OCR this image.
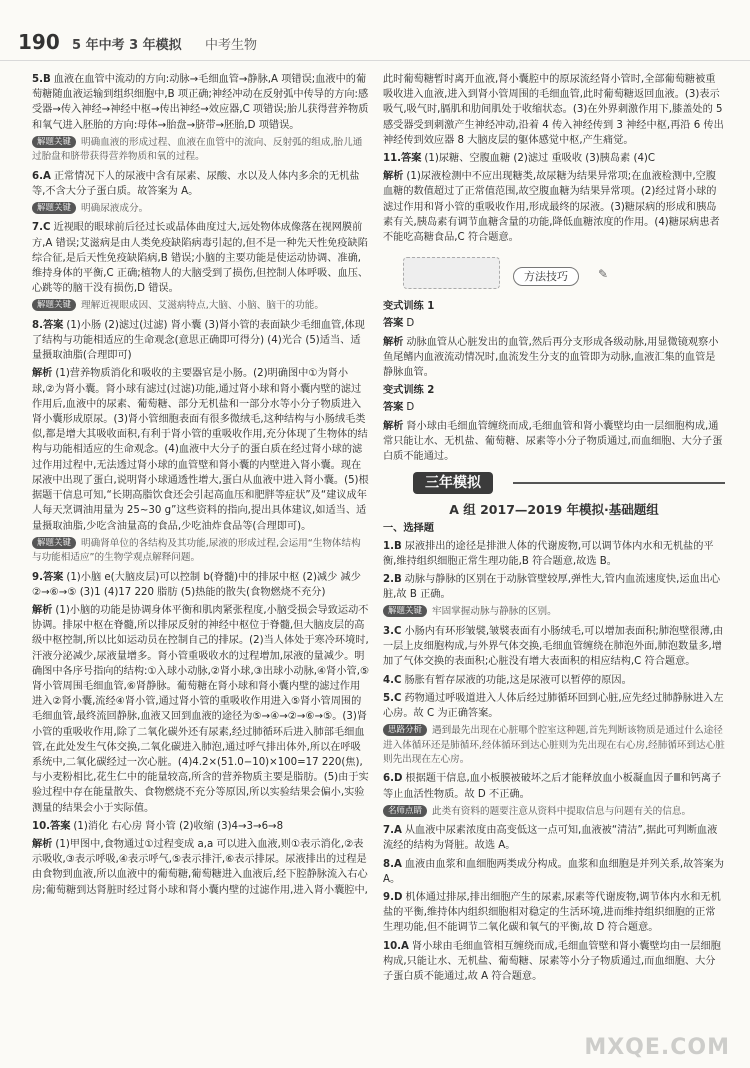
190 5 年中考 3 年模拟 中考生物
5.B 血液在血管中流动的方向:动脉→毛细血管→静脉,A 项错误;血液中的葡萄糖随血液运输到组织细胞中,B 项正确;神经冲动在反射弧中传导的方向:感受器→传入神经→神经中枢→传出神经→效应器,C 项错误;胎儿获得营养物质和氧气进入胚胎的方向:母体→胎盘→脐带→胚胎,D 项错误。
解题关键 明确血液的形成过程、血液在血管中的流向、反射弧的组成,胎儿通过胎盘和脐带获得营养物质和氧的过程。
6.A 正常情况下人的尿液中含有尿素、尿酸、水以及人体内多余的无机盐等,不含大分子蛋白质。故答案为 A。
解题关键 明确尿液成分。
7.C 近视眼的眼球前后径过长或晶体曲度过大,远处物体成像落在视网膜前方,A 错误;艾滋病是由人类免疫缺陷病毒引起的,但不是一种先天性免疫缺陷综合征,是后天性免疫缺陷病,B 错误;小脑的主要功能是使运动协调、准确,维持身体的平衡,C 正确;植物人的大脑受到了损伤,但控制人体呼吸、血压、心跳等的脑干没有损伤,D 错误。
解题关键 理解近视眼成因、艾滋病特点,大脑、小脑、脑干的功能。
8.答案 (1)小肠 (2)滤过(过滤) 肾小囊 (3)肾小管的表面缺少毛细血管,体现了结构与功能相适应的生命观念(意思正确即可得分) (4)光合 (5)适当、适量摄取油脂(合理即可)
解析 (1)营养物质消化和吸收的主要器官是小肠。(2)明确图中①为肾小球,②为肾小囊。肾小球有滤过(过滤)功能,通过肾小球和肾小囊内壁的滤过作用后,血液中的尿素、葡萄糖、部分无机盐和一部分水等小分子物质进入肾小囊形成原尿。(3)肾小管细胞表面有很多微绒毛,这种结构与小肠绒毛类似,都是增大其吸收面积,有利于肾小管的重吸收作用,充分体现了生物体的结构与功能相适应的生命观念。(4)血液中大分子的蛋白质在经过肾小球的滤过作用过程中,无法透过肾小球的血管壁和肾小囊的内壁进入肾小囊。现在尿液中出现了蛋白,说明肾小球通透性增大,蛋白从血液中进入肾小囊。(5)根据题干信息可知,“长期高脂饮食还会引起高血压和肥胖等症状”及“建议成年人每天烹调油用量为 25~30 g”这些资料的指向,提出具体建议,如适当、适量摄取油脂,少吃含油量高的食品,少吃油炸食品等(合理即可)。
解题关键 明确肾单位的各结构及其功能,尿液的形成过程,会运用“生物体结构与功能相适应”的生物学观点解释问题。
9.答案 (1)小脑 e(大脑皮层)可以控制 b(脊髓)中的排尿中枢 (2)减少 减少 ②→⑥→⑤ (3)1 (4)17 220 脂肪 (5)热能的散失(食物燃烧不充分)
解析 (1)小脑的功能是协调身体平衡和肌肉紧张程度,小脑受损会导致运动不协调。排尿中枢在脊髓,所以排尿反射的神经中枢位于脊髓,但大脑皮层的高级中枢控制,所以比如运动员在控制自己的排尿。(2)当人体处于寒冷环境时,汗液分泌减少,尿液量增多。肾小管重吸收水的过程增加,尿液的量减少。明确图中各序号指向的结构:①入球小动脉,②肾小球,③出球小动脉,④肾小管,⑤肾小管周围毛细血管,⑥肾静脉。葡萄糖在肾小球和肾小囊内壁的滤过作用进入②肾小囊,流经④肾小管,通过肾小管的重吸收作用进入⑤肾小管周围的毛细血管,最终流回静脉,血液又回到血液的途径为⑤→④→②→⑥→⑤。(3)肾小管的重吸收作用,除了二氧化碳外还有尿素,经过肺循环后进入肺部毛细血管,在此处发生气体交换,二氧化碳进入肺泡,通过呼气排出体外,所以在呼吸系统中,二氧化碳经过一次心脏。(4)4.2×(51.0−10)×100=17 220(焦),与小麦粉相比,花生仁中的能量较高,所含的营养物质主要是脂肪。(5)由于实验过程中存在能量散失、食物燃烧不充分等原因,所以实验结果会偏小,实验测量的结果会小于实际值。
10.答案 (1)消化 右心房 肾小管 (2)收缩 (3)4→3→6→8
解析 (1)甲图中,食物通过①过程变成 a,a 可以进入血液,则①表示消化,②表示吸收,③表示呼吸,④表示呼气,⑤表示排汗,⑥表示排尿。尿液排出的过程是由食物到血液,所以血液中的葡萄糖,葡萄糖进入血液后,经下腔静脉流入右心房;葡萄糖到达肾脏时经过肾小球和肾小囊内壁的过滤作用,进入肾小囊腔中,
此时葡萄糖暂时离开血液,肾小囊腔中的原尿流经肾小管时,全部葡萄糖被重吸收进入血液,进入到肾小管周围的毛细血管,此时葡萄糖返回血液。(3)表示吸气,吸气时,膈肌和肋间肌处于收缩状态。(3)在外界刺激作用下,膝盖处的 5 感受器受到刺激产生神经冲动,沿着 4 传入神经传到 3 神经中枢,再沿 6 传出神经传到效应器 8 大脑皮层的躯体感觉中枢,产生痛觉。
11.答案 (1)尿糖、空腹血糖 (2)滤过 重吸收 (3)胰岛素 (4)C
解析 (1)尿液检测中不应出现糖类,故尿糖为结果异常项;在血液检测中,空腹血糖的数值超过了正常值范围,故空腹血糖为结果异常项。(2)经过肾小球的滤过作用和肾小管的重吸收作用,形成最终的尿液。(3)糖尿病的形成和胰岛素有关,胰岛素有调节血糖含量的功能,降低血糖浓度的作用。(4)糖尿病患者不能吃高糖食品,C 符合题意。
方法技巧	✎
变式训练 1
答案 D
解析 动脉血管从心脏发出的血管,然后再分支形成各级动脉,用显微镜观察小鱼尾鳍内血液流动情况时,血流发生分支的血管即为动脉,血液汇集的血管是静脉血管。
变式训练 2
答案 D
解析 肾小球由毛细血管缠绕而成,毛细血管和肾小囊壁均由一层细胞构成,通常只能让水、无机盐、葡萄糖、尿素等小分子物质通过,而血细胞、大分子蛋白质不能通过。
三年模拟
A 组 2017—2019 年模拟·基础题组
一、选择题
1.B 尿液排出的途径是排泄人体的代谢废物,可以调节体内水和无机盐的平衡,维持组织细胞正常生理功能,B 符合题意,故选 B。
2.B 动脉与静脉的区别在于动脉管壁较厚,弹性大,管内血流速度快,运血出心脏,故 B 正确。
解题关键 牢固掌握动脉与静脉的区别。
3.C 小肠内有环形皱襞,皱襞表面有小肠绒毛,可以增加表面积;肺泡壁很薄,由一层上皮细胞构成,与外界气体交换,毛细血管缠绕在肺泡外面,肺泡数量多,增加了气体交换的表面积;心脏没有增大表面积的相应结构,C 符合题意。
4.C 肠胀有暂存尿液的功能,这是尿液可以暂停的原因。
5.C 药物通过呼吸道进入人体后经过肺循环回到心脏,应先经过肺静脉进入左心房。故 C 为正确答案。
思路分析 遇到最先出现在心脏哪个腔室这种题,首先判断该物质是通过什么途径进入体循环还是肺循环,经体循环到达心脏则为先出现在右心房,经肺循环到达心脏则先出现在左心房。
6.D 根据题干信息,血小板膜被破坏之后才能释放血小板凝血因子Ⅲ和钙离子等止血活性物质。故 D 不正确。
名师点睛 此类有资料的题要注意从资料中提取信息与问题有关的信息。
7.A 从血液中尿素浓度由高变低这一点可知,血液被“清洁”,据此可判断血液流经的结构为肾脏。故选 A。
8.A 血液由血浆和血细胞两类成分构成。血浆和血细胞是并列关系,故答案为 A。
9.D 机体通过排尿,排出细胞产生的尿素,尿素等代谢废物,调节体内水和无机盐的平衡,维持体内组织细胞相对稳定的生活环境,进而维持组织细胞的正常生理功能,但不能调节二氧化碳和氧气的平衡,故 D 符合题意。
10.A 肾小球由毛细血管相互缠绕而成,毛细血管壁和肾小囊壁均由一层细胞构成,只能让水、无机盐、葡萄糖、尿素等小分子物质通过,而血细胞、大分子蛋白质不能通过,故 A 符合题意。
MXQE.COM
